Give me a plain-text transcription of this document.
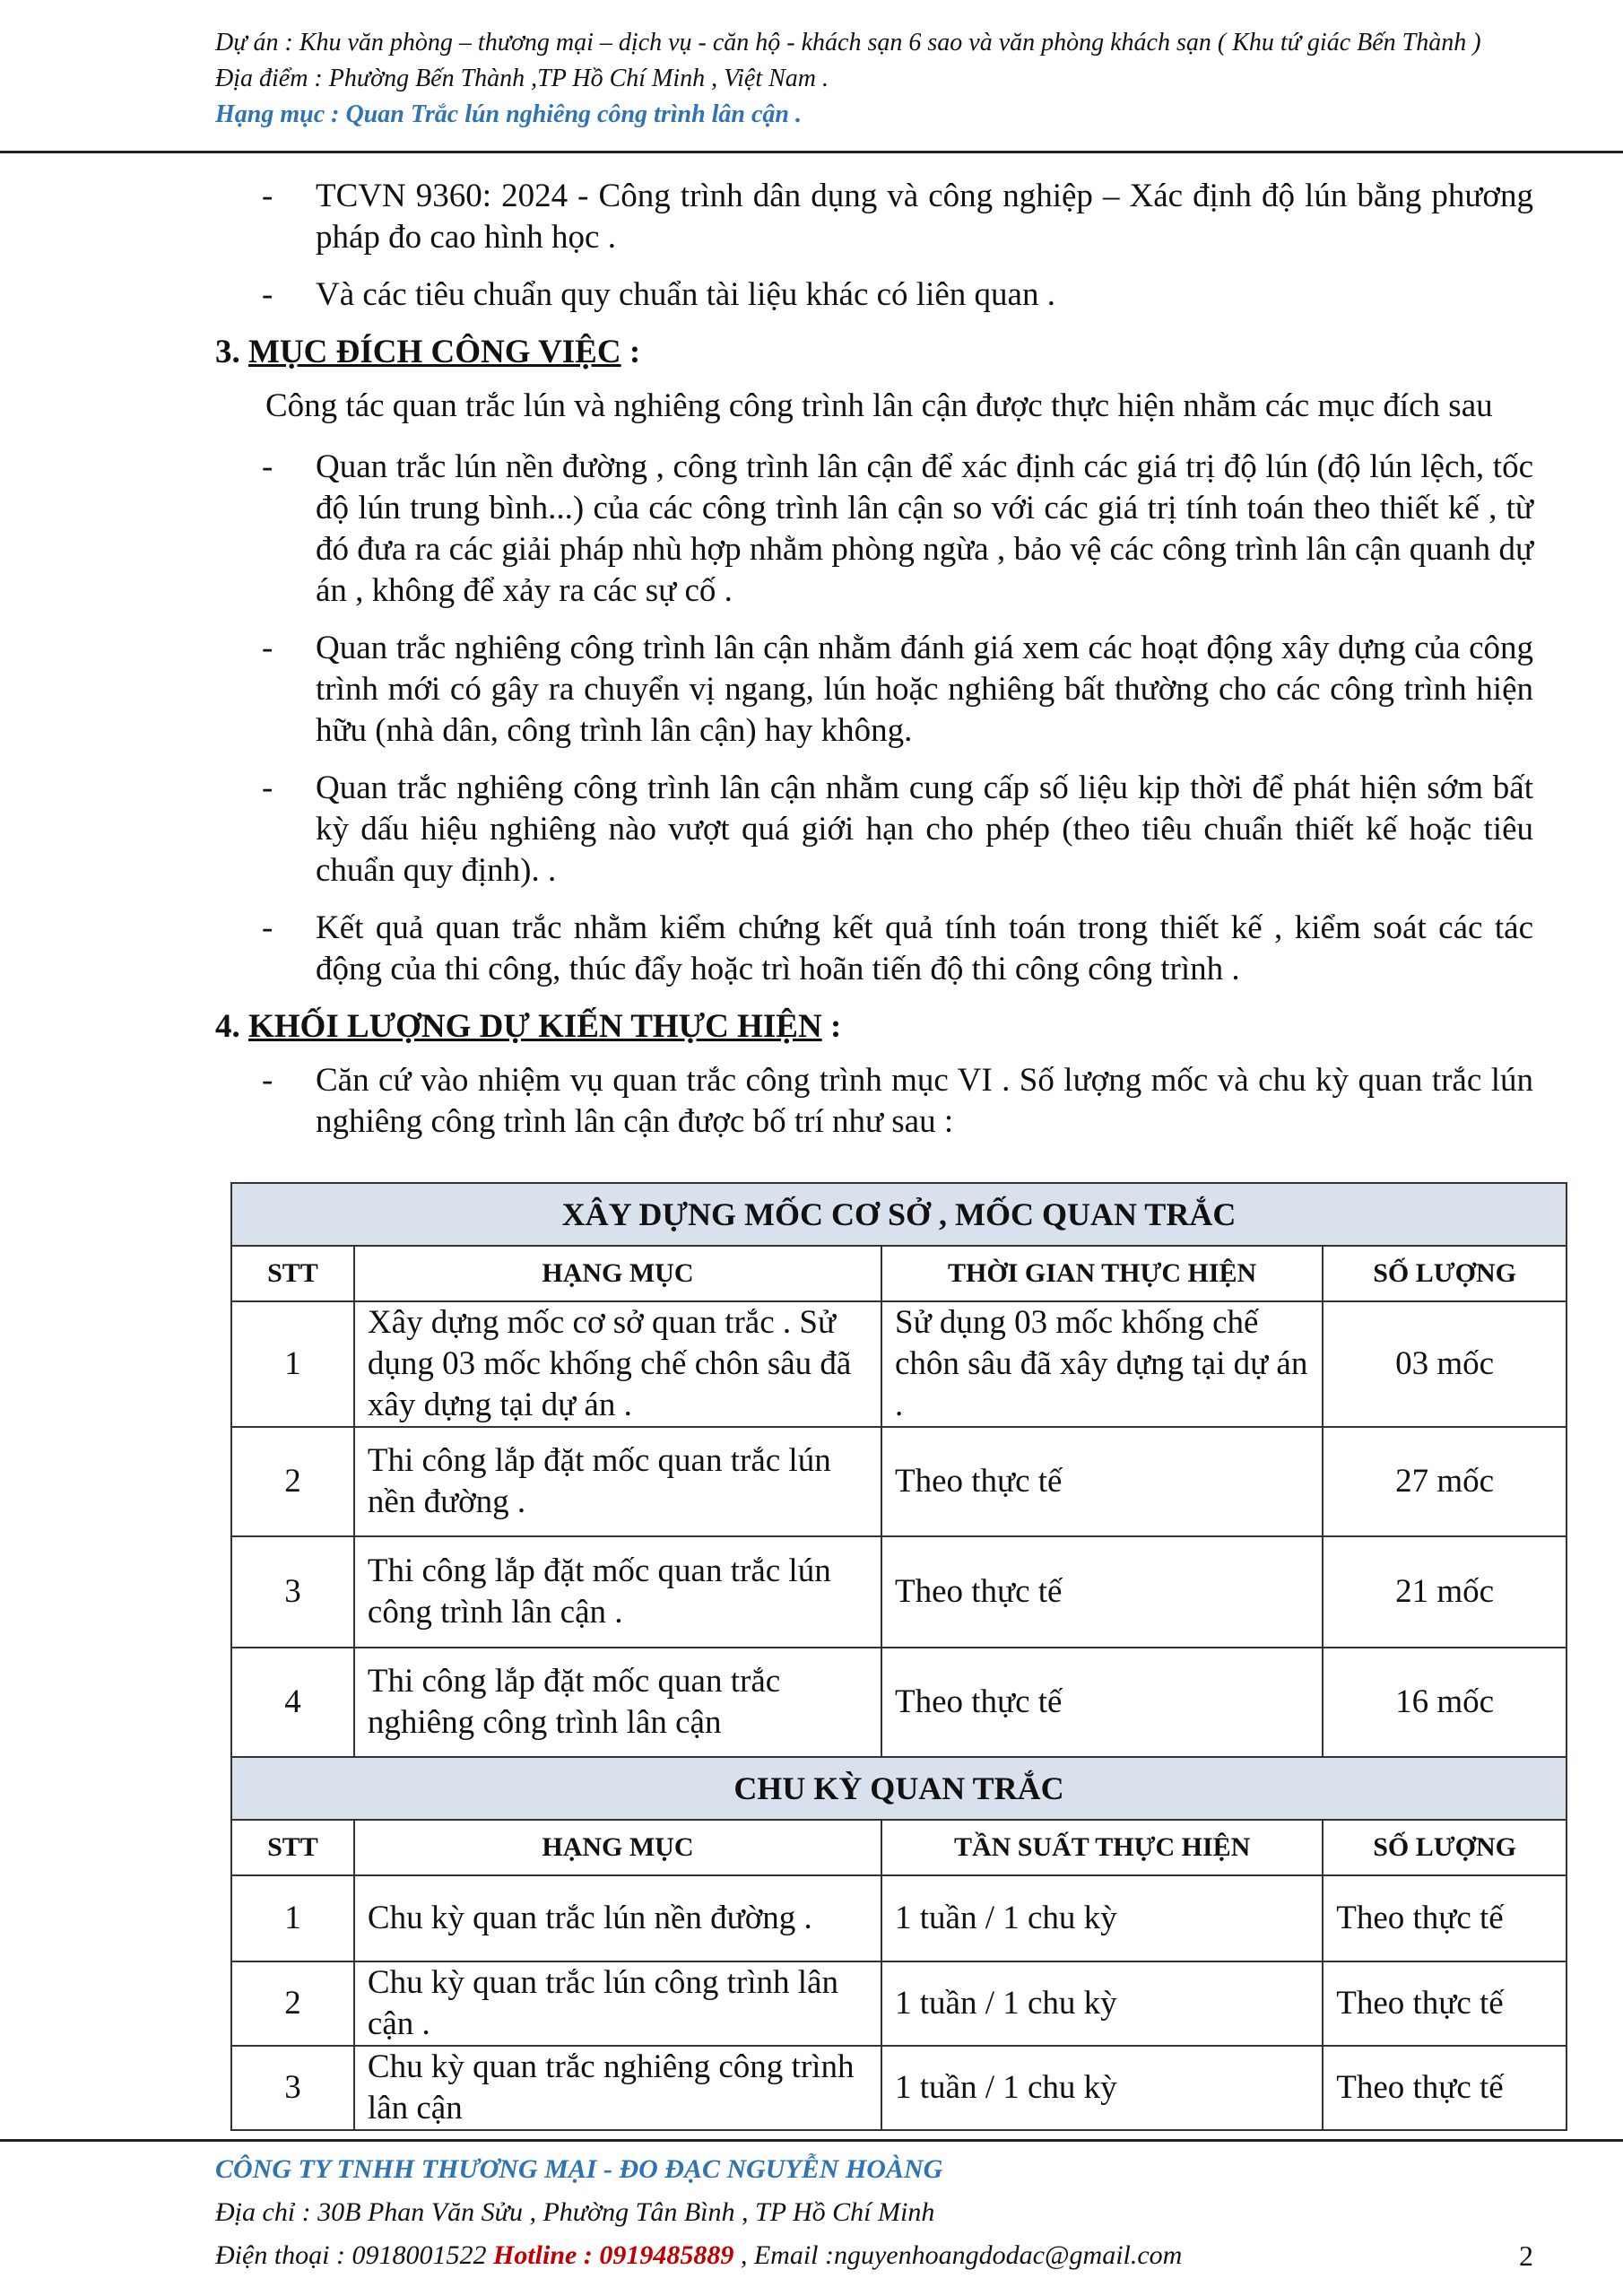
Dự án : Khu văn phòng – thương mại – dịch vụ - căn hộ - khách sạn 6 sao và văn phòng khách sạn ( Khu tứ giác Bến Thành )
Địa điểm : Phường Bến Thành ,TP Hồ Chí Minh , Việt Nam .
Hạng mục : Quan Trắc lún nghiêng công trình lân cận .
- TCVN 9360: 2024 - Công trình dân dụng và công nghiệp – Xác định độ lún bằng phương pháp đo cao hình học .
- Và các tiêu chuẩn quy chuẩn tài liệu khác có liên quan .
3. MỤC ĐÍCH CÔNG VIỆC :
Công tác quan trắc lún và nghiêng công trình lân cận được thực hiện nhằm các mục đích sau
- Quan trắc lún nền đường , công trình lân cận để xác định các giá trị độ lún (độ lún lệch, tốc độ lún trung bình...) của các công trình lân cận so với các giá trị tính toán theo thiết kế , từ đó đưa ra các giải pháp nhù hợp nhằm phòng ngừa , bảo vệ các công trình lân cận quanh dự án , không để xảy ra các sự cố .
- Quan trắc nghiêng công trình lân cận nhằm đánh giá xem các hoạt động xây dựng của công trình mới có gây ra chuyển vị ngang, lún hoặc nghiêng bất thường cho các công trình hiện hữu (nhà dân, công trình lân cận) hay không.
- Quan trắc nghiêng công trình lân cận nhằm cung cấp số liệu kịp thời để phát hiện sớm bất kỳ dấu hiệu nghiêng nào vượt quá giới hạn cho phép (theo tiêu chuẩn thiết kế hoặc tiêu chuẩn quy định). .
- Kết quả quan trắc nhằm kiểm chứng kết quả tính toán trong thiết kế , kiểm soát các tác động của thi công, thúc đẩy hoặc trì hoãn tiến độ thi công công trình .
4. KHỐI LƯỢNG DỰ KIẾN THỰC HIỆN :
- Căn cứ vào nhiệm vụ quan trắc công trình mục VI . Số lượng mốc và chu kỳ quan trắc lún nghiêng công trình lân cận được bố trí như sau :
XÂY DỰNG MỐC CƠ SỞ , MỐC QUAN TRẮC			
STT	HẠNG MỤC	THỜI GIAN THỰC HIỆN	SỐ LƯỢNG
1	Xây dựng mốc cơ sở quan trắc . Sử dụng 03 mốc khống chế chôn sâu đã xây dựng tại dự án .	Sử dụng 03 mốc khống chế chôn sâu đã xây dựng tại dự án .	03 mốc
2	Thi công lắp đặt mốc quan trắc lún nền đường .	Theo thực tế	27 mốc
3	Thi công lắp đặt mốc quan trắc lún công trình lân cận .	Theo thực tế	21 mốc
4	Thi công lắp đặt mốc quan trắc nghiêng công trình lân cận	Theo thực tế	16 mốc
CHU KỲ QUAN TRẮC			
STT	HẠNG MỤC	TẦN SUẤT THỰC HIỆN	SỐ LƯỢNG
1	Chu kỳ quan trắc lún nền đường .	1 tuần / 1 chu kỳ	Theo thực tế
2	Chu kỳ quan trắc lún công trình lân cận .	1 tuần / 1 chu kỳ	Theo thực tế
3	Chu kỳ quan trắc nghiêng công trình lân cận	1 tuần / 1 chu kỳ	Theo thực tế
CÔNG TY TNHH THƯƠNG MẠI - ĐO ĐẠC NGUYỄN HOÀNG
Địa chỉ : 30B Phan Văn Sửu , Phường Tân Bình , TP Hồ Chí Minh
Điện thoại : 0918001522 Hotline : 0919485889 , Email :nguyenhoangdodac@gmail.com	2
